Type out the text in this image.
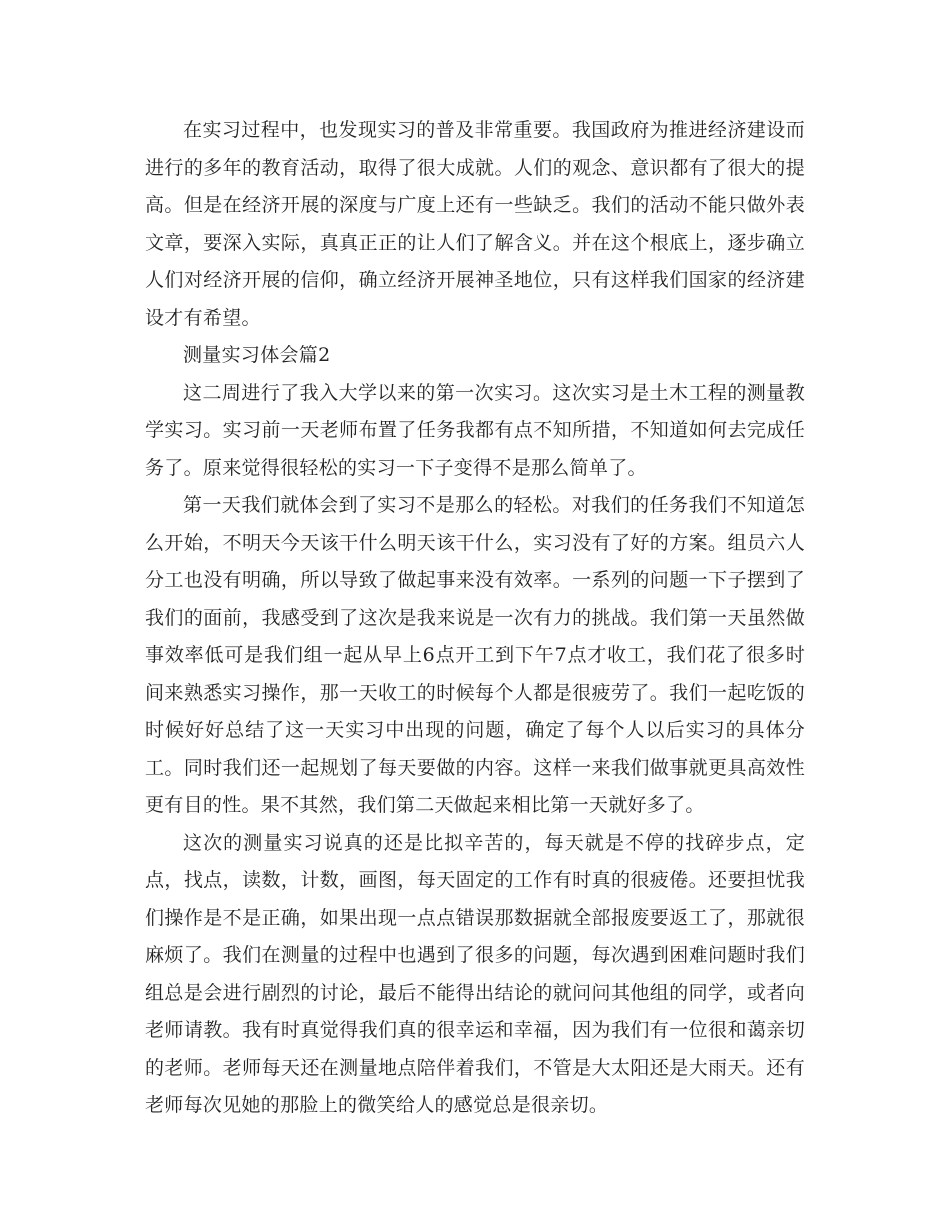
在实习过程中，也发现实习的普及非常重要。我国政府为推进经济建设而进行的多年的教育活动，取得了很大成就。人们的观念、意识都有了很大的提高。但是在经济开展的深度与广度上还有一些缺乏。我们的活动不能只做外表文章，要深入实际，真真正正的让人们了解含义。并在这个根底上，逐步确立人们对经济开展的信仰，确立经济开展神圣地位，只有这样我们国家的经济建设才有希望。

测量实习体会篇2

这二周进行了我入大学以来的第一次实习。这次实习是土木工程的测量教学实习。实习前一天老师布置了任务我都有点不知所措，不知道如何去完成任务了。原来觉得很轻松的实习一下子变得不是那么简单了。

第一天我们就体会到了实习不是那么的轻松。对我们的任务我们不知道怎么开始，不明天今天该干什么明天该干什么，实习没有了好的方案。组员六人分工也没有明确，所以导致了做起事来没有效率。一系列的问题一下子摆到了我们的面前，我感受到了这次是我来说是一次有力的挑战。我们第一天虽然做事效率低可是我们组一起从早上6点开工到下午7点才收工，我们花了很多时间来熟悉实习操作，那一天收工的时候每个人都是很疲劳了。我们一起吃饭的时候好好总结了这一天实习中出现的问题，确定了每个人以后实习的具体分工。同时我们还一起规划了每天要做的内容。这样一来我们做事就更具高效性更有目的性。果不其然，我们第二天做起来相比第一天就好多了。

这次的测量实习说真的还是比拟辛苦的，每天就是不停的找碎步点，定点，找点，读数，计数，画图，每天固定的工作有时真的很疲倦。还要担忧我们操作是不是正确，如果出现一点点错误那数据就全部报废要返工了，那就很麻烦了。我们在测量的过程中也遇到了很多的问题，每次遇到困难问题时我们组总是会进行剧烈的讨论，最后不能得出结论的就问问其他组的同学，或者向老师请教。我有时真觉得我们真的很幸运和幸福，因为我们有一位很和蔼亲切的老师。老师每天还在测量地点陪伴着我们，不管是大太阳还是大雨天。还有老师每次见她的那脸上的微笑给人的感觉总是很亲切。
